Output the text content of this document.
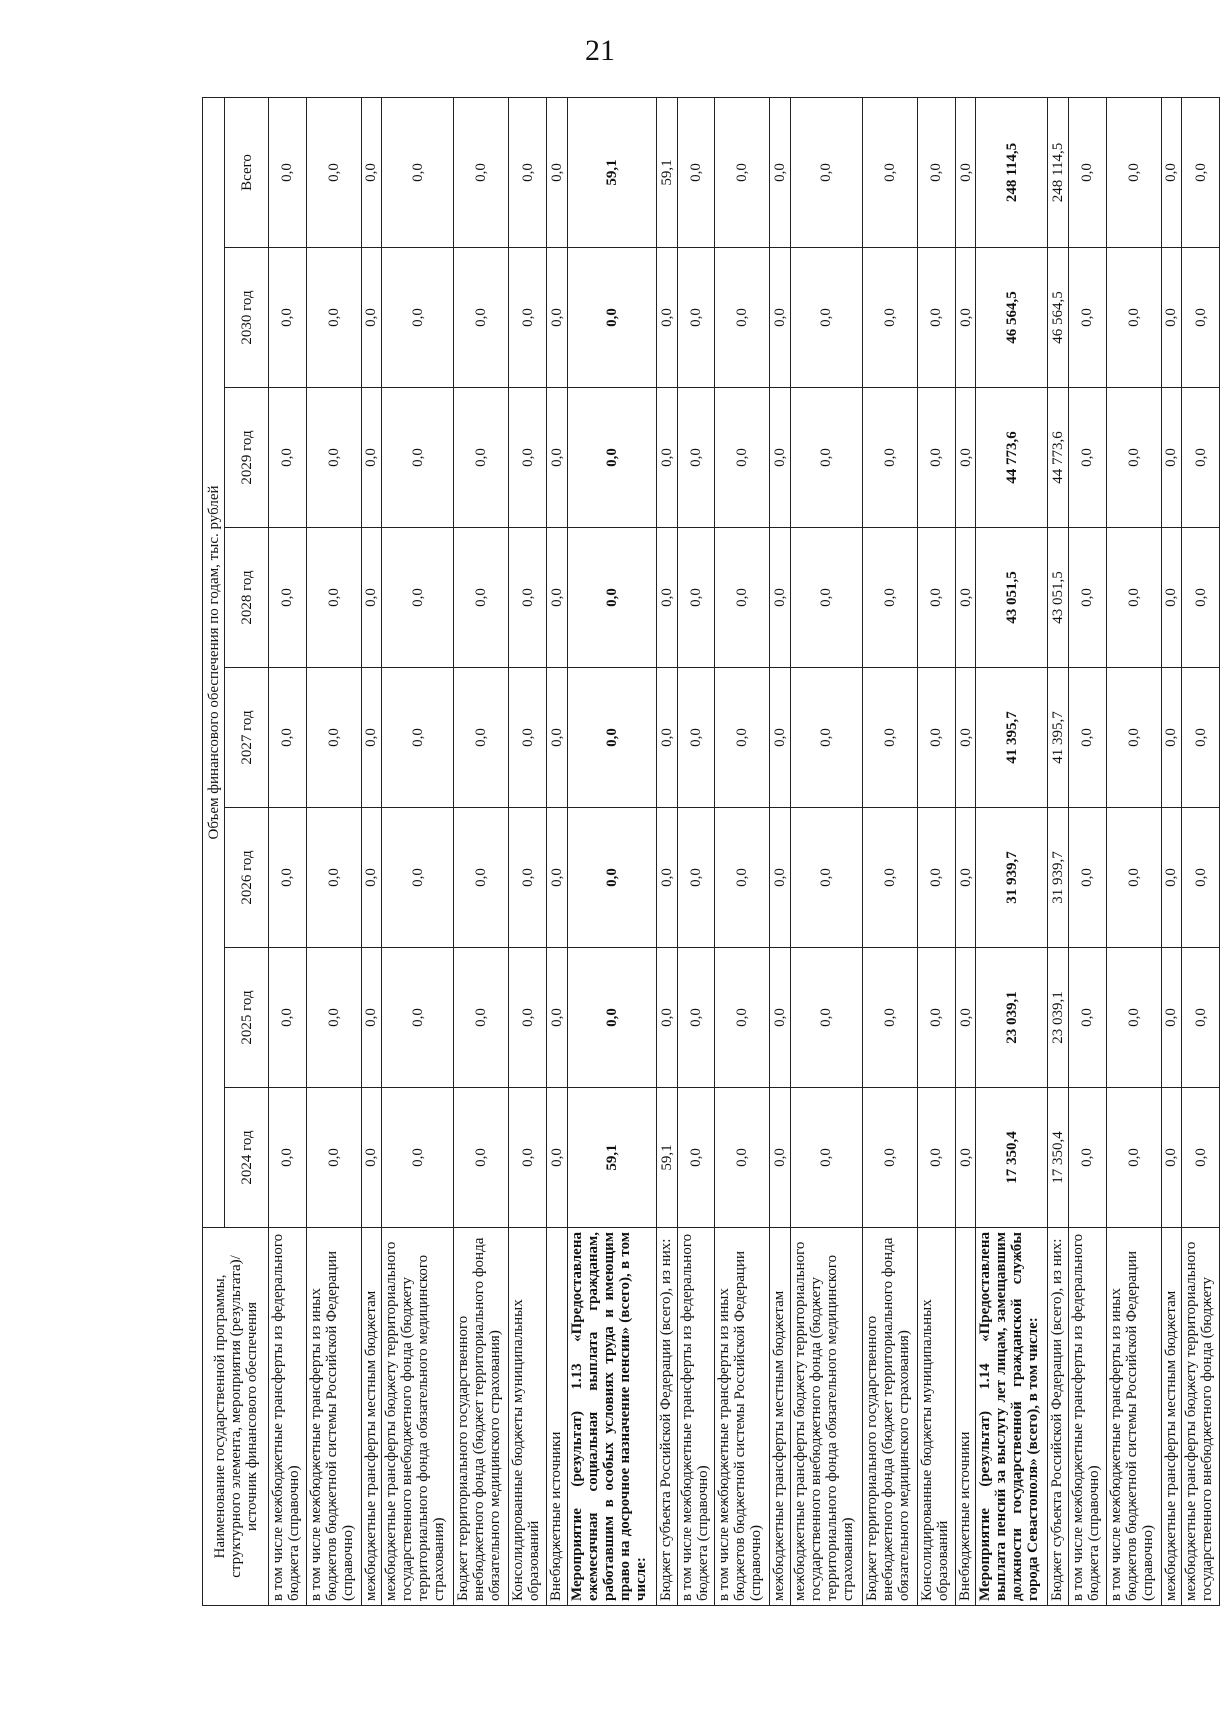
21
Наименование государственной программы, структурного элемента, мероприятия (результата)/источник финансового обеспечения	Объем финансового обеспечения по годам, тыс. рублей							
	2024 год	2025 год	2026 год	2027 год	2028 год	2029 год	2030 год	Всего
в том числе межбюджетные трансферты из федерального бюджета (справочно)	0,0	0,0	0,0	0,0	0,0	0,0	0,0	0,0
в том числе межбюджетные трансферты из иных бюджетов бюджетной системы Российской Федерации (справочно)	0,0	0,0	0,0	0,0	0,0	0,0	0,0	0,0
межбюджетные трансферты местным бюджетам	0,0	0,0	0,0	0,0	0,0	0,0	0,0	0,0
межбюджетные трансферты бюджету территориального государственного внебюджетного фонда (бюджету территориального фонда обязательного медицинского страхования)	0,0	0,0	0,0	0,0	0,0	0,0	0,0	0,0
Бюджет территориального государственного внебюджетного фонда (бюджет территориального фонда обязательного медицинского страхования)	0,0	0,0	0,0	0,0	0,0	0,0	0,0	0,0
Консолидированные бюджеты муниципальных образований	0,0	0,0	0,0	0,0	0,0	0,0	0,0	0,0
Внебюджетные источники	0,0	0,0	0,0	0,0	0,0	0,0	0,0	0,0
Мероприятие (результат) 1.13 «Предоставлена ежемесячная социальная выплата гражданам, работавшим в особых условиях труда и имеющим право на досрочное назначение пенсии» (всего), в том числе:	59,1	0,0	0,0	0,0	0,0	0,0	0,0	59,1
Бюджет субъекта Российской Федерации (всего), из них:	59,1	0,0	0,0	0,0	0,0	0,0	0,0	59,1
в том числе межбюджетные трансферты из федерального бюджета (справочно)	0,0	0,0	0,0	0,0	0,0	0,0	0,0	0,0
в том числе межбюджетные трансферты из иных бюджетов бюджетной системы Российской Федерации (справочно)	0,0	0,0	0,0	0,0	0,0	0,0	0,0	0,0
межбюджетные трансферты местным бюджетам	0,0	0,0	0,0	0,0	0,0	0,0	0,0	0,0
межбюджетные трансферты бюджету территориального государственного внебюджетного фонда (бюджету территориального фонда обязательного медицинского страхования)	0,0	0,0	0,0	0,0	0,0	0,0	0,0	0,0
Бюджет территориального государственного внебюджетного фонда (бюджет территориального фонда обязательного медицинского страхования)	0,0	0,0	0,0	0,0	0,0	0,0	0,0	0,0
Консолидированные бюджеты муниципальных образований	0,0	0,0	0,0	0,0	0,0	0,0	0,0	0,0
Внебюджетные источники	0,0	0,0	0,0	0,0	0,0	0,0	0,0	0,0
Мероприятие (результат) 1.14 «Предоставлена выплата пенсий за выслугу лет лицам, замещавшим должности государственной гражданской службы города Севастополя» (всего), в том числе:	17 350,4	23 039,1	31 939,7	41 395,7	43 051,5	44 773,6	46 564,5	248 114,5
Бюджет субъекта Российской Федерации (всего), из них:	17 350,4	23 039,1	31 939,7	41 395,7	43 051,5	44 773,6	46 564,5	248 114,5
в том числе межбюджетные трансферты из федерального бюджета (справочно)	0,0	0,0	0,0	0,0	0,0	0,0	0,0	0,0
в том числе межбюджетные трансферты из иных бюджетов бюджетной системы Российской Федерации (справочно)	0,0	0,0	0,0	0,0	0,0	0,0	0,0	0,0
межбюджетные трансферты местным бюджетам	0,0	0,0	0,0	0,0	0,0	0,0	0,0	0,0
межбюджетные трансферты бюджету территориального государственного внебюджетного фонда (бюджету	0,0	0,0	0,0	0,0	0,0	0,0	0,0	0,0
